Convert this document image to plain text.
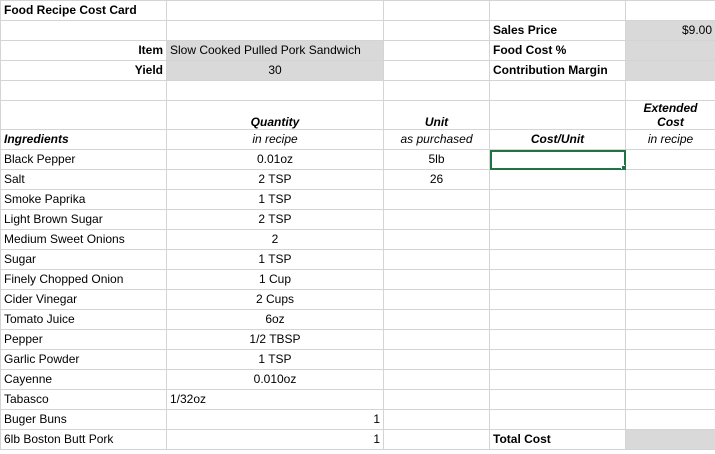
Food Recipe Cost Card				
			Sales Price	$9.00
Item	Slow Cooked Pulled Pork Sandwich		Food Cost %	
Yield	30		Contribution Margin	

	Quantity	Unit		Extended
Cost

Ingredients	in recipe	as purchased	Cost/Unit	in recipe
Black Pepper	0.01oz	5lb	

Salt	2 TSP	26		
Smoke Paprika	1 TSP			
Light Brown Sugar	2 TSP			
Medium Sweet Onions	2			
Sugar	1 TSP			
Finely Chopped Onion	1 Cup			
Cider Vinegar	2 Cups			
Tomato Juice	6oz			
Pepper	1/2 TBSP			
Garlic Powder	1 TSP			
Cayenne	0.010oz			
Tabasco	1/32oz			
Buger Buns	1			
6lb Boston Butt Pork	1		Total Cost	
